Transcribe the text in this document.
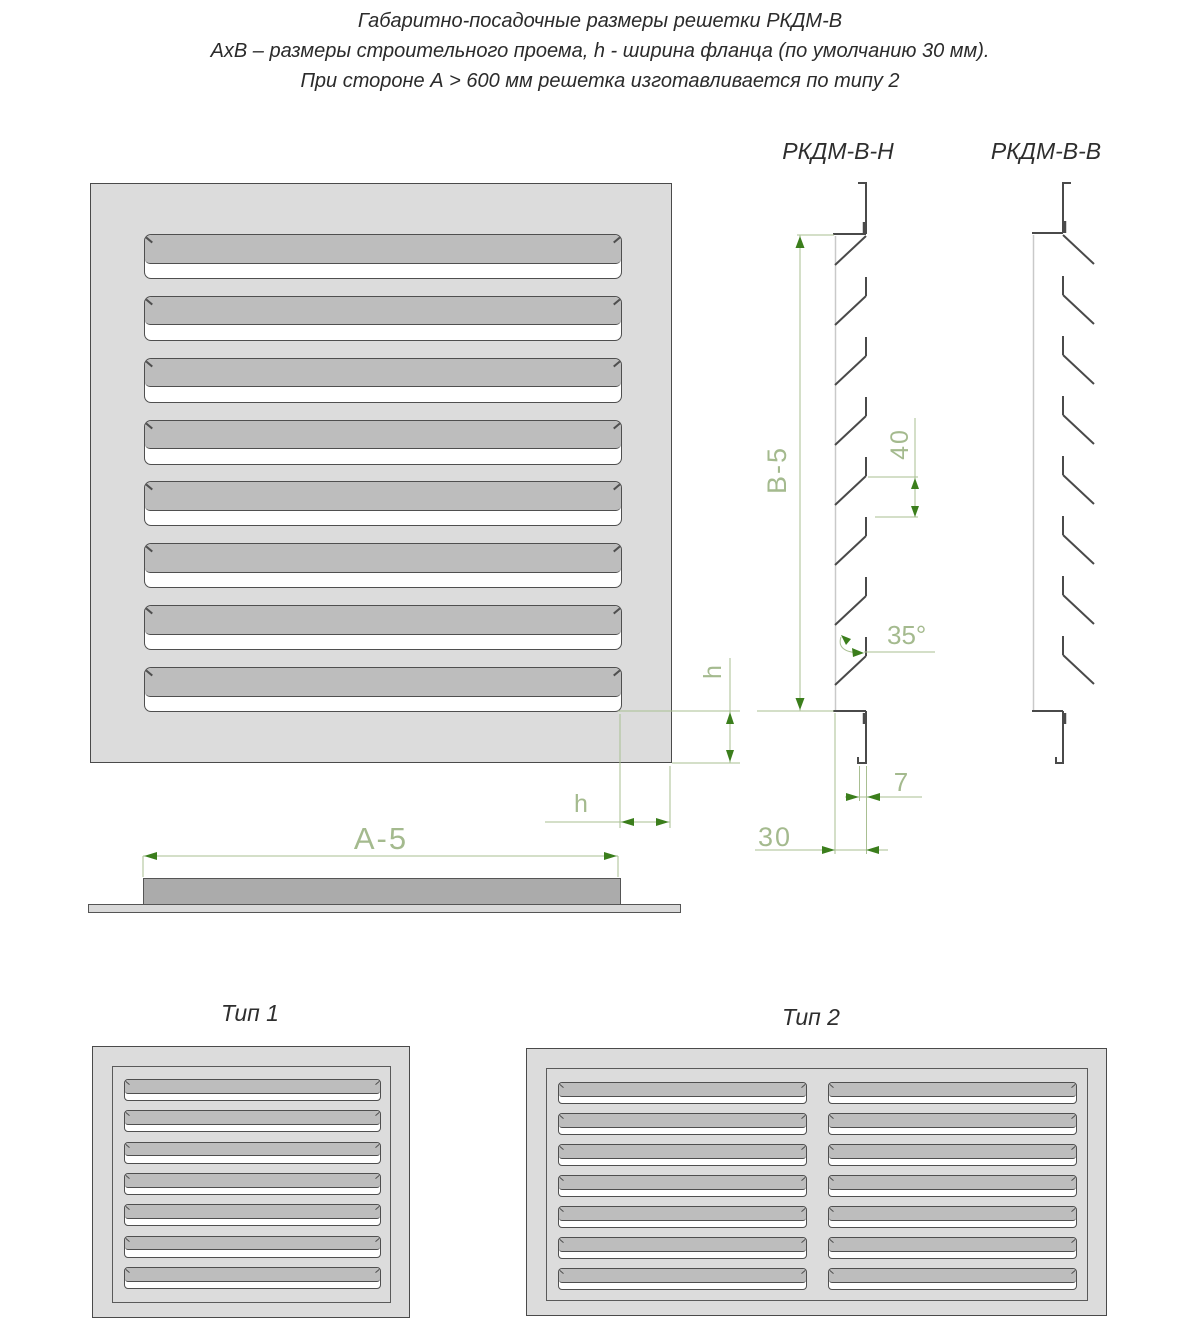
Габаритно-посадочные размеры решетки РКДМ-В
АхВ – размеры строительного проема, h - ширина фланца (по умолчанию 30 мм).
При стороне А > 600 мм решетка изготавливается по типу 2
РКДМ-В-Н	РКДМ-В-В
Тип 1	Тип 2
В-5
40
35°
7
30
h
h
А-5
